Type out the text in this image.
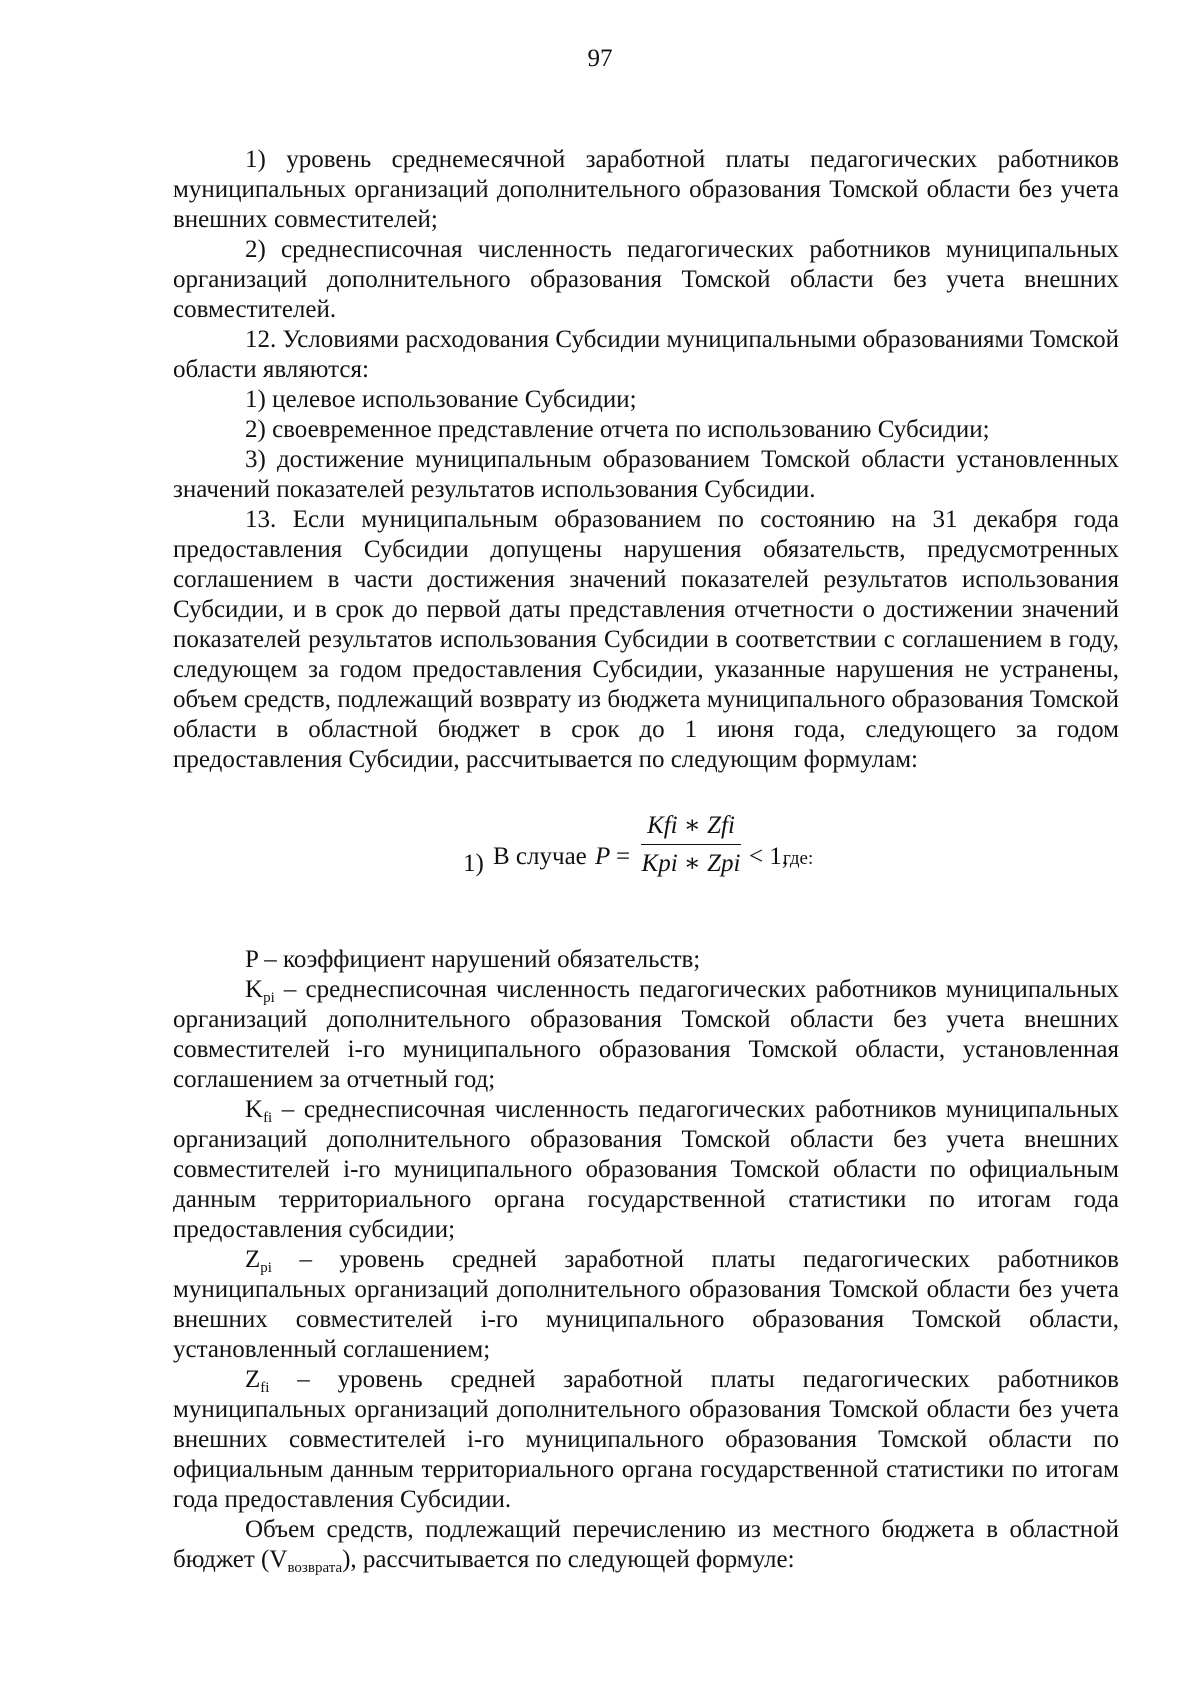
97

1) уровень среднемесячной заработной платы педагогических работников муниципальных организаций дополнительного образования Томской области без учета внешних совместителей;

2) среднесписочная численность педагогических работников муниципальных организаций дополнительного образования Томской области без учета внешних совместителей.

12. Условиями расходования Субсидии муниципальными образованиями Томской области являются:

1) целевое использование Субсидии;

2) своевременное представление отчета по использованию Субсидии;

3) достижение муниципальным образованием Томской области установленных значений показателей результатов использования Субсидии.

13. Если муниципальным образованием по состоянию на 31 декабря года предоставления Субсидии допущены нарушения обязательств, предусмотренных соглашением в части достижения значений показателей результатов использования Субсидии, и в срок до первой даты представления отчетности о достижении значений показателей результатов использования Субсидии в соответствии с соглашением в году, следующем за годом предоставления Субсидии, указанные нарушения не устранены, объем средств, подлежащий возврату из бюджета муниципального образования Томской области в областной бюджет в срок до 1 июня года, следующего за годом предоставления Субсидии, рассчитывается по следующим формулам:

1) В случае P =
Kfi ∗ Zfi
Kpi ∗ Zpi < 1,
где:

P – коэффициент нарушений обязательств;

$K_{pi}$ – среднесписочная численность педагогических работников муниципальных организаций дополнительного образования Томской области без учета внешних совместителей i-го муниципального образования Томской области, установленная соглашением за отчетный год;

$K_{fi}$ – среднесписочная численность педагогических работников муниципальных организаций дополнительного образования Томской области без учета внешних совместителей i-го муниципального образования Томской области по официальным данным территориального органа государственной статистики по итогам года предоставления субсидии;

$Z_{pi}$ – уровень средней заработной платы педагогических работников муниципальных организаций дополнительного образования Томской области без учета внешних совместителей i-го муниципального образования Томской области, установленный соглашением;

$Z_{fi}$ – уровень средней заработной платы педагогических работников муниципальных организаций дополнительного образования Томской области без учета внешних совместителей i-го муниципального образования Томской области по официальным данным территориального органа государственной статистики по итогам года предоставления Субсидии.

Объем средств, подлежащий перечислению из местного бюджета в областной бюджет $(V_{возврата})$, рассчитывается по следующей формуле:
